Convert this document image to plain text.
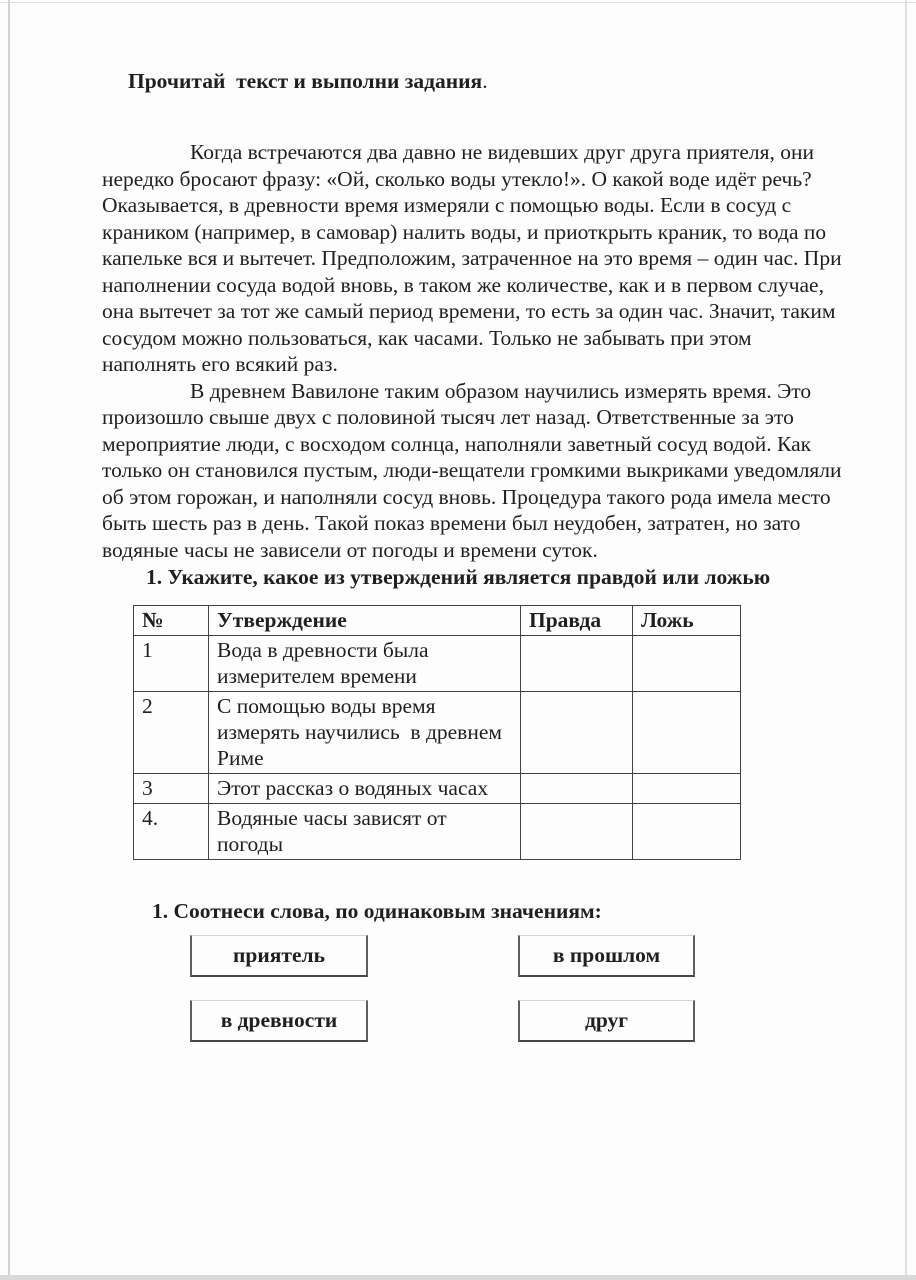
Прочитай  текст и выполни задания.

Когда встречаются два давно не видевших друг друга приятеля, они нередко бросают фразу: «Ой, сколько воды утекло!». О какой воде идёт речь? Оказывается, в древности время измеряли с помощью воды. Если в сосуд с краником (например, в самовар) налить воды, и приоткрыть краник, то вода по капельке вся и вытечет. Предположим, затраченное на это время – один час. При наполнении сосуда водой вновь, в таком же количестве, как и в первом случае, она вытечет за тот же самый период времени, то есть за один час. Значит, таким сосудом можно пользоваться, как часами. Только не забывать при этом  наполнять его всякий раз.

В древнем Вавилоне таким образом научились измерять время. Это произошло свыше двух с половиной тысяч лет назад. Ответственные за это мероприятие люди, с восходом солнца, наполняли заветный сосуд водой. Как только он становился пустым, люди-вещатели громкими выкриками уведомляли об этом горожан, и наполняли сосуд вновь. Процедура такого рода имела место быть шесть раз в день. Такой показ времени был неудобен, затратен, но зато водяные часы не зависели от погоды и времени суток.

1. Укажите, какое из утверждений является правдой или ложью
№	Утверждение	Правда	Ложь
1	Вода в древности была измерителем времени		
2	С помощью воды время измерять научились  в древнем Риме		
3	Этот рассказ о водяных часах		
4.	Водяные часы зависят от погоды		
1. Соотнеси слова, по одинаковым значениям:
приятель	в прошлом
в древности	друг
